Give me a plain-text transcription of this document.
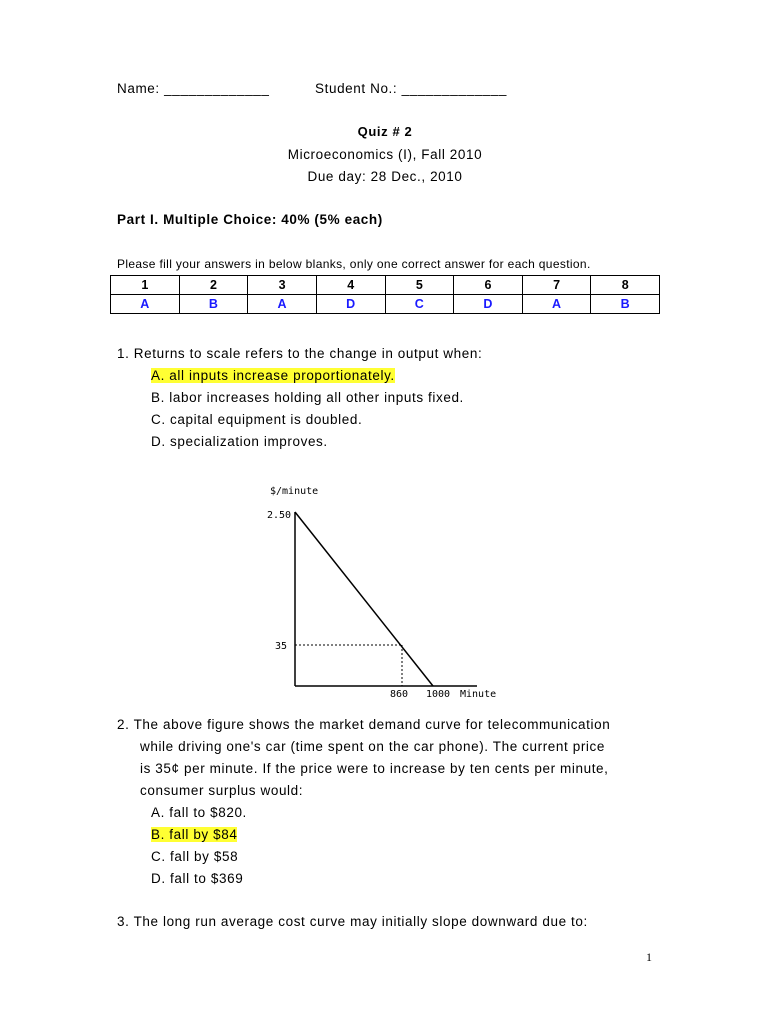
Name: _____________	Student No.: _____________
Quiz # 2
Microeconomics (I), Fall 2010
Due day: 28 Dec., 2010
Part I. Multiple Choice: 40% (5% each)
Please fill your answers in below blanks, only one correct answer for each question.
1	2	3	4	5	6	7	8
A	B	A	D	C	D	A	B
1. Returns to scale refers to the change in output when:
A. all inputs increase proportionately.
B. labor increases holding all other inputs fixed.
C. capital equipment is doubled.
D. specialization improves.
$/minute
2.50
35
860 1000 Minute
2. The above figure shows the market demand curve for telecommunication
while driving one's car (time spent on the car phone). The current price
is 35¢ per minute. If the price were to increase by ten cents per minute,
consumer surplus would:
A. fall to $820.
B. fall by $84
C. fall by $58
D. fall to $369
3. The long run average cost curve may initially slope downward due to:
1
